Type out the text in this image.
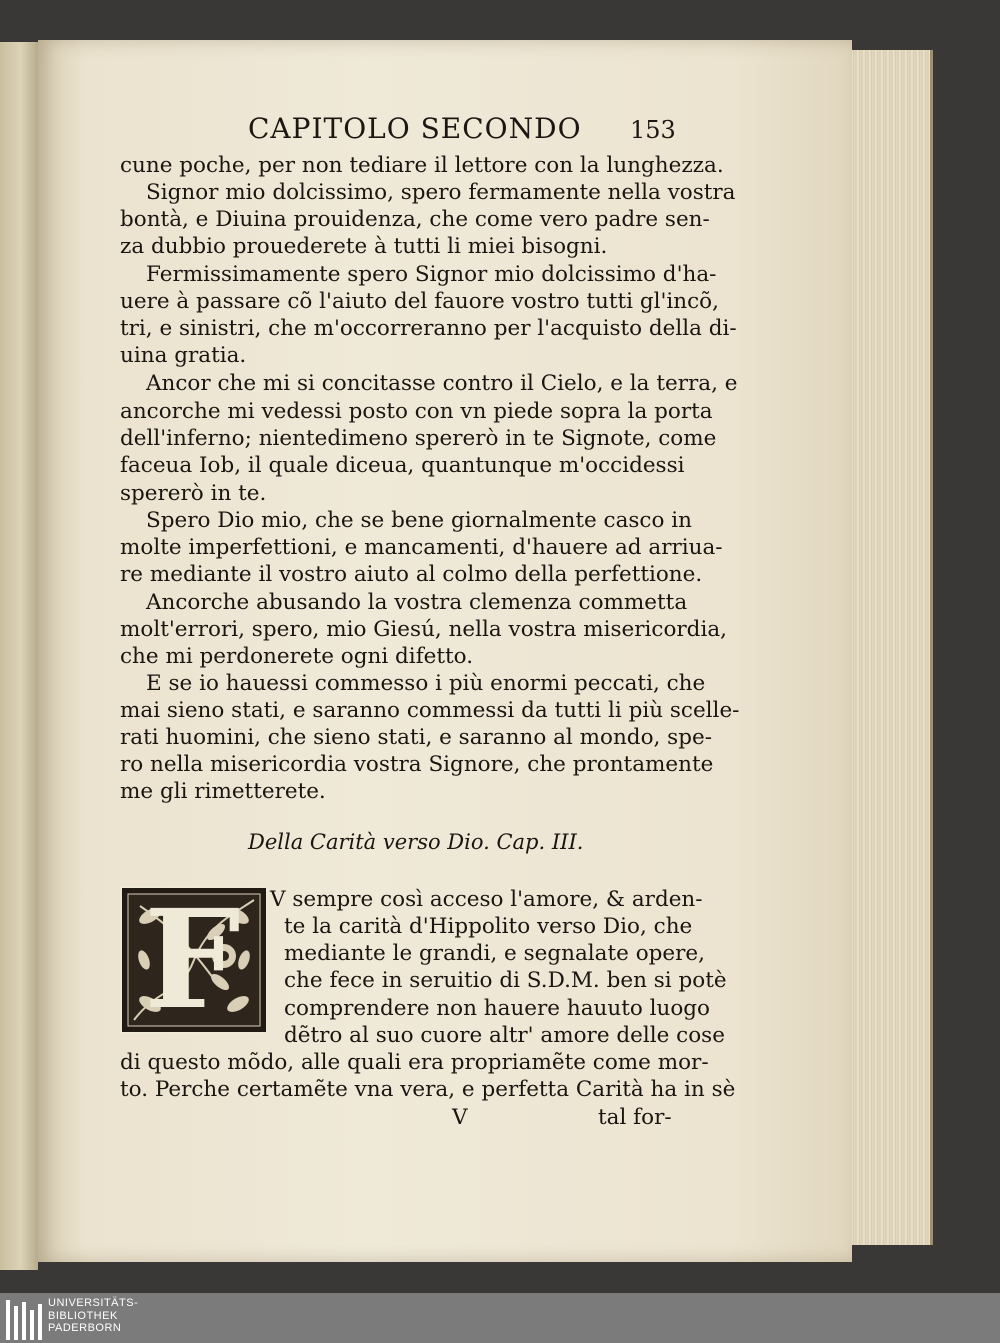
CAPITOLO SECONDO 153
cune poche, per non tediare il lettore con la lunghezza.
Signor mio dolcissimo, spero fermamente nella vostra
bontà, e Diuina prouidenza, che come vero padre sen-
za dubbio prouederete à tutti li miei bisogni.
Fermissimamente spero Signor mio dolcissimo d'ha-
uere à passare cõ l'aiuto del fauore vostro tutti gl'incõ,
tri, e sinistri, che m'occorreranno per l'acquisto della di-
uina gratia.
Ancor che mi si concitasse contro il Cielo, e la terra, e
ancorche mi vedessi posto con vn piede sopra la porta
dell'inferno; nientedimeno spererò in te Signote, come
faceua Iob, il quale diceua, quantunque m'occidessi
spererò in te.
Spero Dio mio, che se bene giornalmente casco in
molte imperfettioni, e mancamenti, d'hauere ad arriua-
re mediante il vostro aiuto al colmo della perfettione.
Ancorche abusando la vostra clemenza commetta
molt'errori, spero, mio Giesú, nella vostra misericordia,
che mi perdonerete ogni difetto.
E se io hauessi commesso i più enormi peccati, che
mai sieno stati, e saranno commessi da tutti li più scelle-
rati huomini, che sieno stati, e saranno al mondo, spe-
ro nella misericordia vostra Signore, che prontamente
me gli rimetterete.
Della Carità verso Dio. Cap. III.
F V sempre così acceso l'amore, & arden-
te la carità d'Hippolito verso Dio, che
mediante le grandi, e segnalate opere,
che fece in seruitio di S.D.M. ben si potè
comprendere non hauere hauuto luogo
dẽtro al suo cuore altr' amore delle cose
di questo mõdo, alle quali era propriamẽte come mor-
to. Perche certamẽte vna vera, e perfetta Carità ha in sè
V	tal for-
UNIVERSITÄTS-
BIBLIOTHEK
PADERBORN
